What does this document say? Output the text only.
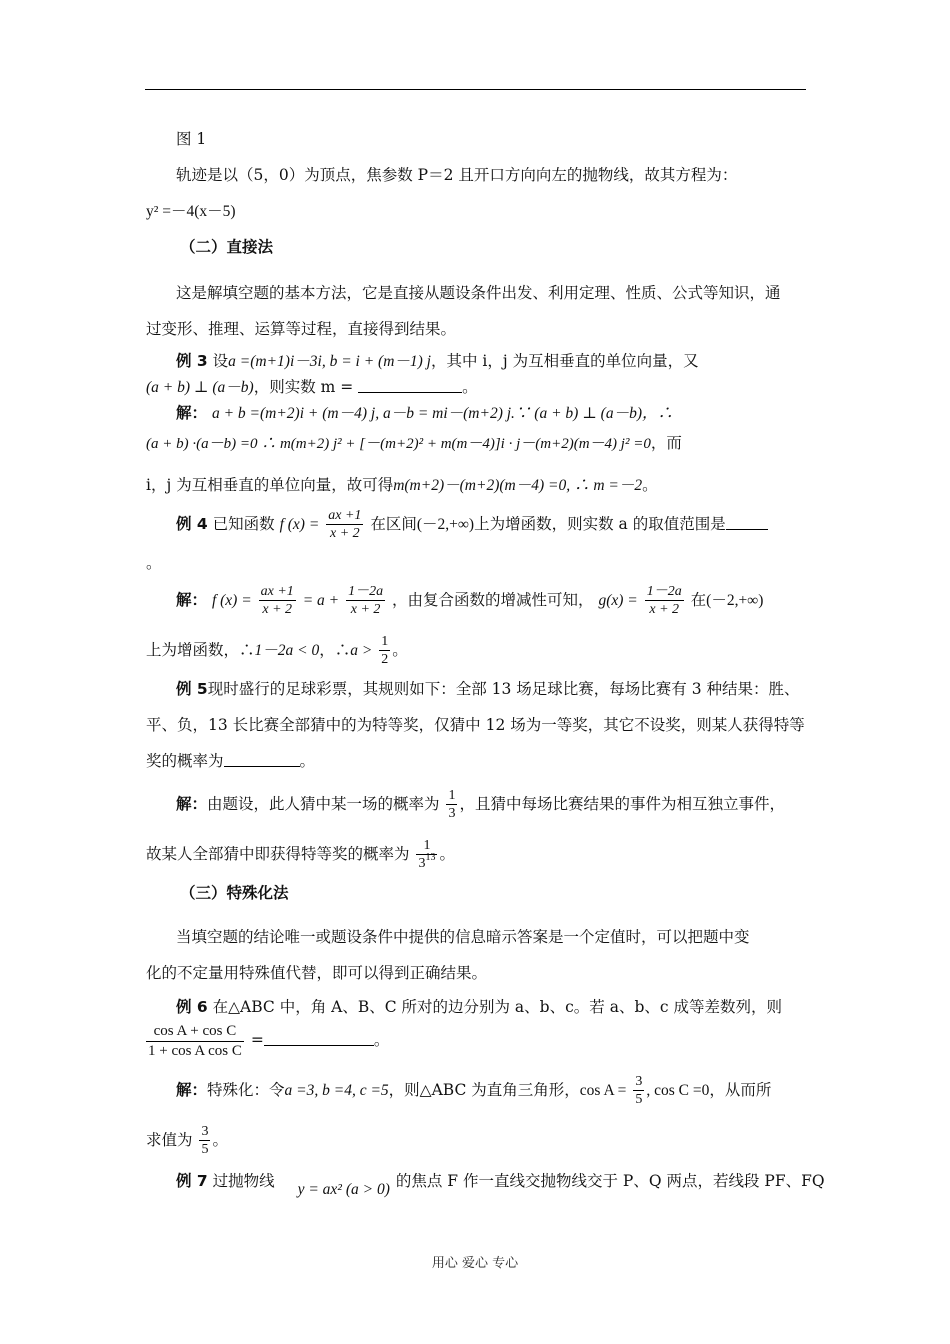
图 1
轨迹是以（5，0）为顶点，焦参数 P＝2 且开口方向向左的抛物线，故其方程为：
y² =－4(x－5)
（二）直接法
这是解填空题的基本方法，它是直接从题设条件出发、利用定理、性质、公式等知识，通
过变形、推理、运算等过程，直接得到结果。
例 3 设a =(m+1)i－3i, b = i + (m－1) j，其中 i，j 为互相垂直的单位向量，又
(a + b) ⊥ (a－b)，则实数 m =	。
解： a + b =(m+2)i + (m－4) j, a－b = mi－(m+2) j.∵ (a + b) ⊥ (a－b)，∴
(a + b) ·(a－b) =0 ∴ m(m+2) j² + [－(m+2)² + m(m－4)]i · j－(m+2)(m－4) j² =0，而
i，j 为互相垂直的单位向量，故可得m(m+2)－(m+2)(m－4) =0, ∴ m =－2。
例 4 已知函数 f $(x) = \frac{ax +1}{x + 2}$ 在区间(－2,+∞)上为增函数，则实数 a 的取值范围是
。
解： f $(x) = \frac{ax +1}{x + 2} = a + \frac{1-2a}{x + 2}$ ，由复合函数的增减性可知， $g(x) = \frac{1-2a}{x + 2}$ 在(－2,+∞)
上为增函数，∴1－2a < 0，∴a > $\frac{1}{2}$ 。
例 5现时盛行的足球彩票，其规则如下：全部 13 场足球比赛，每场比赛有 3 种结果：胜、
平、负，13 长比赛全部猜中的为特等奖，仅猜中 12 场为一等奖，其它不设奖，则某人获得特等
奖的概率为	。
解：由题设，此人猜中某一场的概率为 $\frac{1}{3}$ ，且猜中每场比赛结果的事件为相互独立事件，
故某人全部猜中即获得特等奖的概率为 $\frac{1}{3^{13}}$ 。
（三）特殊化法
当填空题的结论唯一或题设条件中提供的信息暗示答案是一个定值时，可以把题中变
化的不定量用特殊值代替，即可以得到正确结果。
例 6 在△ABC 中，角 A、B、C 所对的边分别为 a、b、c。若 a、b、c 成等差数列，则
$\frac{\text{cos A + cos C}}{\text{1 + cos A cos C}}$ =	。
解：特殊化：令a =3, b =4, c =5，则△ABC 为直角三角形，$\cos A = \frac{3}{5}$ , cos C =0，从而所
求值为 $\frac{3}{5}$ 。
例 7 过抛物线 y = ax² (a > 0) 的焦点 F 作一直线交抛物线交于 P、Q 两点，若线段 PF、FQ
用心 爱心 专心
